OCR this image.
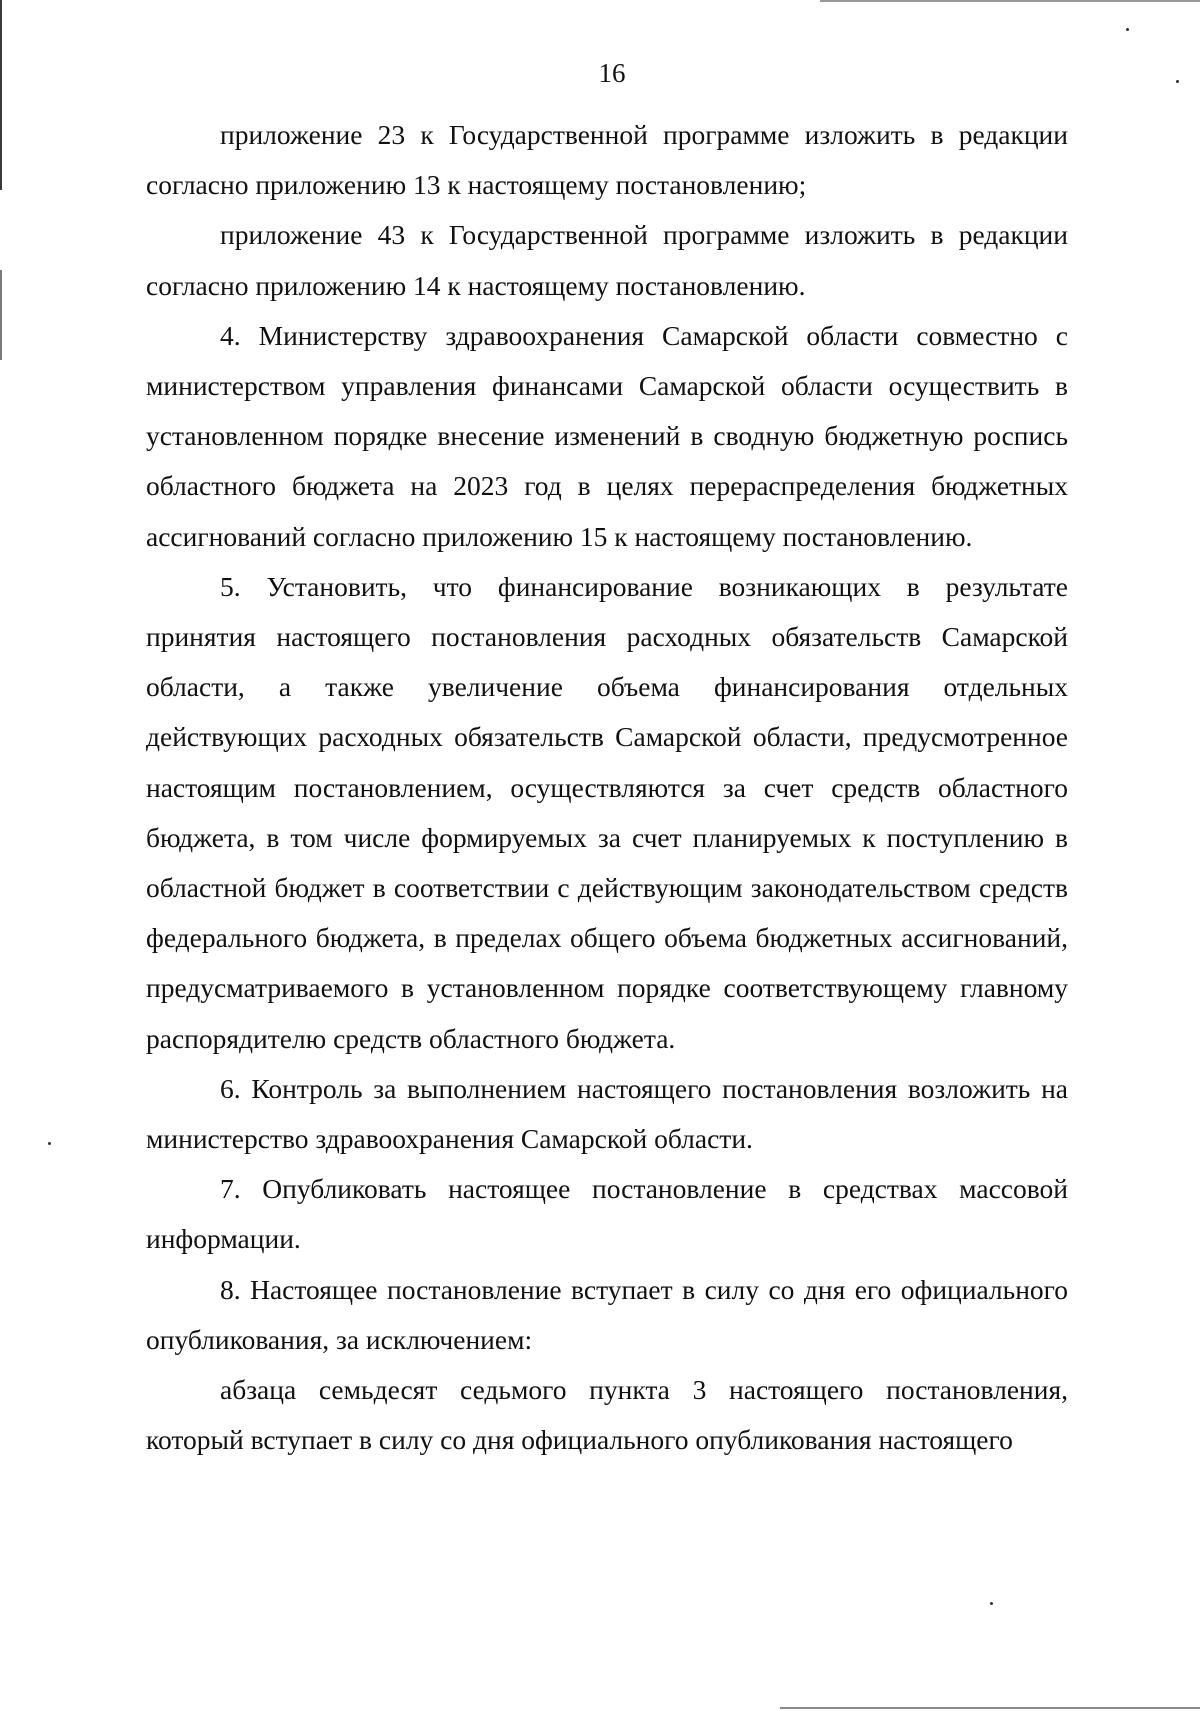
16

приложение 23 к Государственной программе изложить в редакции согласно приложению 13 к настоящему постановлению;

приложение 43 к Государственной программе изложить в редакции согласно приложению 14 к настоящему постановлению.

4. Министерству здравоохранения Самарской области совместно с министерством управления финансами Самарской области осуществить в установленном порядке внесение изменений в сводную бюджетную роспись областного бюджета на 2023 год в целях перераспределения бюджетных ассигнований согласно приложению 15 к настоящему постановлению.

5. Установить, что финансирование возникающих в результате принятия настоящего постановления расходных обязательств Самарской области, а также увеличение объема финансирования отдельных действующих расходных обязательств Самарской области, предусмотренное настоящим постановлением, осуществляются за счет средств областного бюджета, в том числе формируемых за счет планируемых к поступлению в областной бюджет в соответствии с действующим законодательством средств федерального бюджета, в пределах общего объема бюджетных ассигнований, предусматриваемого в установленном порядке соответствующему главному распорядителю средств областного бюджета.

6. Контроль за выполнением настоящего постановления возложить на министерство здравоохранения Самарской области.

7. Опубликовать настоящее постановление в средствах массовой информации.

8. Настоящее постановление вступает в силу со дня его официального опубликования, за исключением:

абзаца семьдесят седьмого пункта 3 настоящего постановления, который вступает в силу со дня официального опубликования настоящего
